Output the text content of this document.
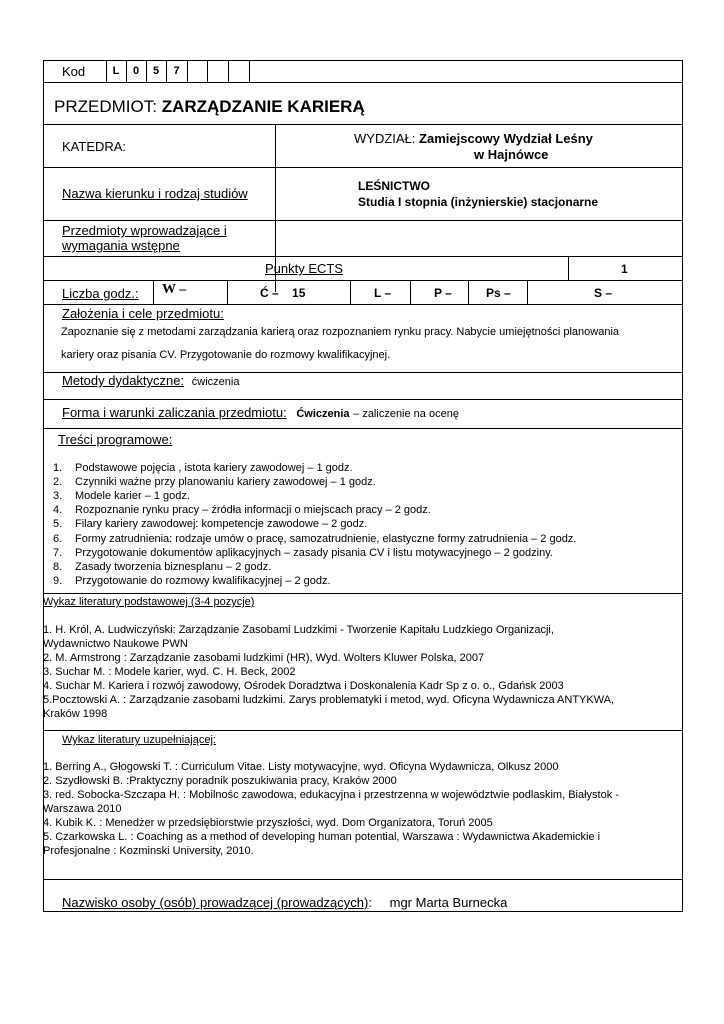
Kod	L	0	5	7
PRZEDMIOT: ZARZĄDZANIE KARIERĄ
KATEDRA:
WYDZIAŁ: Zamiejscowy Wydział Leśny
w Hajnówce
Nazwa kierunku i rodzaj studiów	LEŚNICTWO
Studia I stopnia (inżynierskie) stacjonarne
Przedmioty wprowadzające i
wymagania wstępne
Punkty ECTS	1
Liczba godz.: W –	Ć – 15	L –	P –	Ps –	S –
Założenia i cele przedmiotu:
Zapoznanie się z metodami zarządzania karierą oraz rozpoznaniem rynku pracy. Nabycie umiejętności planowania
kariery oraz pisania CV. Przygotowanie do rozmowy kwalifikacyjnej.
Metody dydaktyczne: ćwiczenia
Forma i warunki zaliczania przedmiotu: Ćwiczenia – zaliczenie na ocenę
Treści programowe:
1. Podstawowe pojęcia , istota kariery zawodowej – 1 godz.
2. Czynniki ważne przy planowaniu kariery zawodowej – 1 godz.
3. Modele karier – 1 godz.
4. Rozpoznanie rynku pracy – źródła informacji o miejscach pracy – 2 godz.
5. Filary kariery zawodowej: kompetencje zawodowe – 2 godz.
6. Formy zatrudnienia: rodzaje umów o pracę, samozatrudnienie, elastyczne formy zatrudnienia – 2 godz.
7. Przygotowanie dokumentów aplikacyjnych – zasady pisania CV i listu motywacyjnego – 2 godziny.
8. Zasady tworzenia biznesplanu – 2 godz.
9. Przygotowanie do rozmowy kwalifikacyjnej – 2 godz.
Wykaz literatury podstawowej (3-4 pozycje)
1. H. Król, A. Ludwiczyński: Zarządzanie Zasobami Ludzkimi - Tworzenie Kapitału Ludzkiego Organizacji,
Wydawnictwo Naukowe PWN
2. M. Armstrong : Zarządzanie zasobami ludzkimi (HR), Wyd. Wolters Kluwer Polska, 2007
3. Suchar M. : Modele karier, wyd. C. H. Beck, 2002
4. Suchar M. Kariera i rozwój zawodowy, Ośrodek Doradztwa i Doskonalenia Kadr Sp z o. o., Gdańsk 2003
5.Pocztowski A. : Zarządzanie zasobami ludzkimi. Zarys problematyki i metod, wyd. Oficyna Wydawnicza ANTYKWA,
Kraków 1998
Wykaz literatury uzupełniającej:
1. Berring A., Głogowski T. : Curriculum Vitae. Listy motywacyjne, wyd. Oficyna Wydawnicza, Olkusz 2000
2. Szydłowski B. :Praktyczny poradnik poszukiwania pracy, Kraków 2000
3. red. Sobocka-Szczapa H. : Mobilnośc zawodowa, edukacyjna i przestrzenna w województwie podlaskim, Białystok -
Warszawa 2010
4. Kubik K. : Menedżer w przedsiębiorstwie przyszłości, wyd. Dom Organizatora, Toruń 2005
5. Czarkowska L. : Coaching as a method of developing human potential, Warszawa : Wydawnictwa Akademickie i
Profesjonalne : Kozminski University, 2010.
Nazwisko osoby (osób) prowadzącej (prowadzących): mgr Marta Burnecka
